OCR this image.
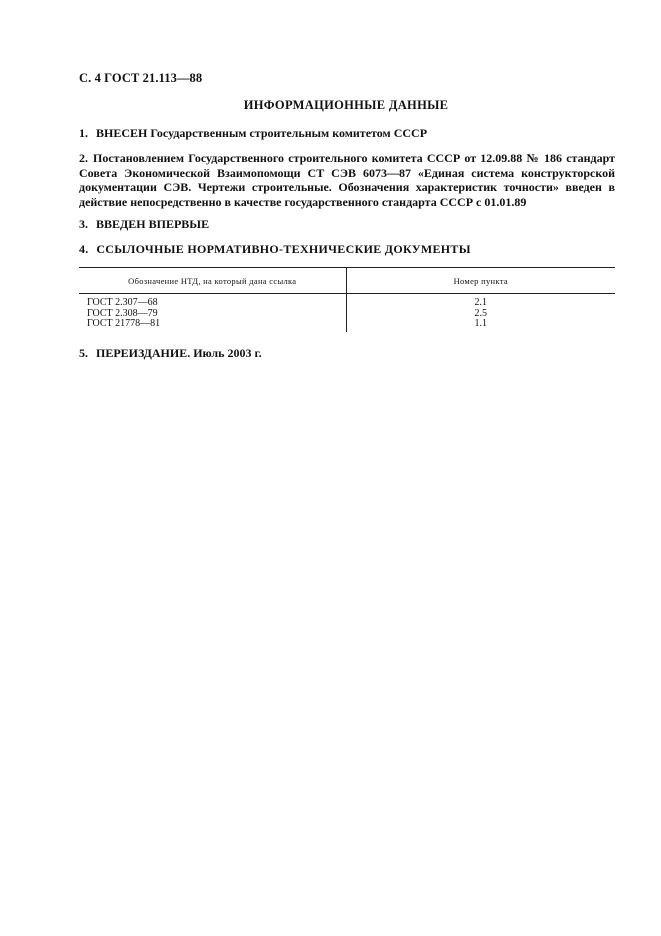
С. 4 ГОСТ 21.113—88
ИНФОРМАЦИОННЫЕ ДАННЫЕ
1. ВНЕСЕН Государственным строительным комитетом СССР
2. Постановлением Государственного строительного комитета СССР от 12.09.88 № 186 стандарт Совета Экономической Взаимопомощи СТ СЭВ 6073—87 «Единая система конструкторской документации СЭВ. Чертежи строительные. Обозначения характеристик точности» введен в действие непосредственно в качестве государственного стандарта СССР с 01.01.89
3. ВВЕДЕН ВПЕРВЫЕ
4. ССЫЛОЧНЫЕ НОРМАТИВНО-ТЕХНИЧЕСКИЕ ДОКУМЕНТЫ
Обозначение НТД, на который дана ссылка	Номер пункта
ГОСТ 2.307—68	2.1
ГОСТ 2.308—79	2.5
ГОСТ 21778—81	1.1
5. ПЕРЕИЗДАНИЕ. Июль 2003 г.
